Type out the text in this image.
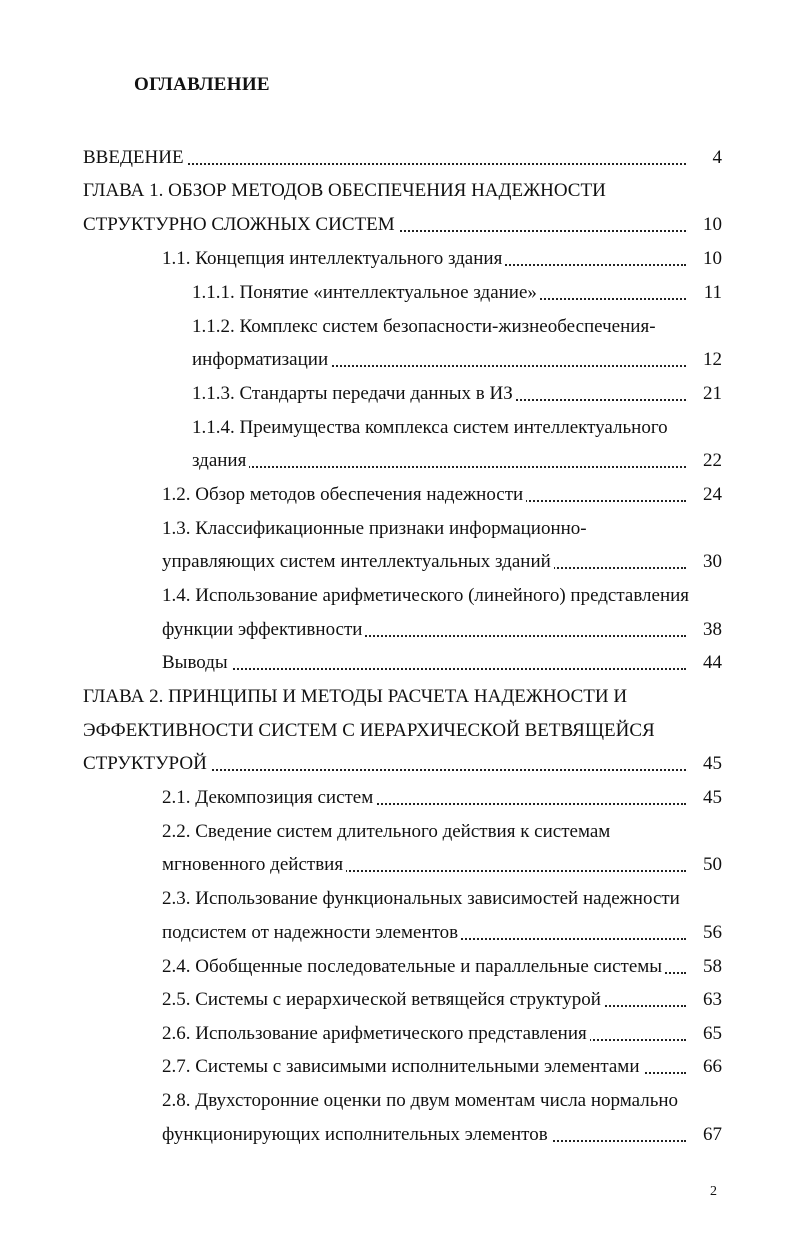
ОГЛАВЛЕНИЕ
ВВЕДЕНИЕ	4
ГЛАВА 1. ОБЗОР МЕТОДОВ ОБЕСПЕЧЕНИЯ НАДЕЖНОСТИ
СТРУКТУРНО СЛОЖНЫХ СИСТЕМ	10
1.1. Концепция интеллектуального здания	10
1.1.1. Понятие «интеллектуальное здание»	11
1.1.2. Комплекс систем безопасности-жизнеобеспечения-
информатизации	12
1.1.3. Стандарты передачи данных в ИЗ	21
1.1.4. Преимущества комплекса систем интеллектуального
здания	22
1.2. Обзор методов обеспечения надежности	24
1.3. Классификационные признаки информационно-
управляющих систем интеллектуальных зданий	30
1.4. Использование арифметического (линейного) представления
функции эффективности	38
Выводы	44
ГЛАВА 2. ПРИНЦИПЫ И МЕТОДЫ РАСЧЕТА НАДЕЖНОСТИ И
ЭФФЕКТИВНОСТИ СИСТЕМ С ИЕРАРХИЧЕСКОЙ ВЕТВЯЩЕЙСЯ
СТРУКТУРОЙ	45
2.1. Декомпозиция систем	45
2.2. Сведение систем длительного действия к системам
мгновенного действия	50
2.3. Использование функциональных зависимостей надежности
подсистем от надежности элементов	56
2.4. Обобщенные последовательные и параллельные системы	58
2.5. Системы с иерархической ветвящейся структурой	63
2.6. Использование арифметического представления	65
2.7. Системы с зависимыми исполнительными элементами	66
2.8. Двухсторонние оценки по двум моментам числа нормально
функционирующих исполнительных элементов	67
2
